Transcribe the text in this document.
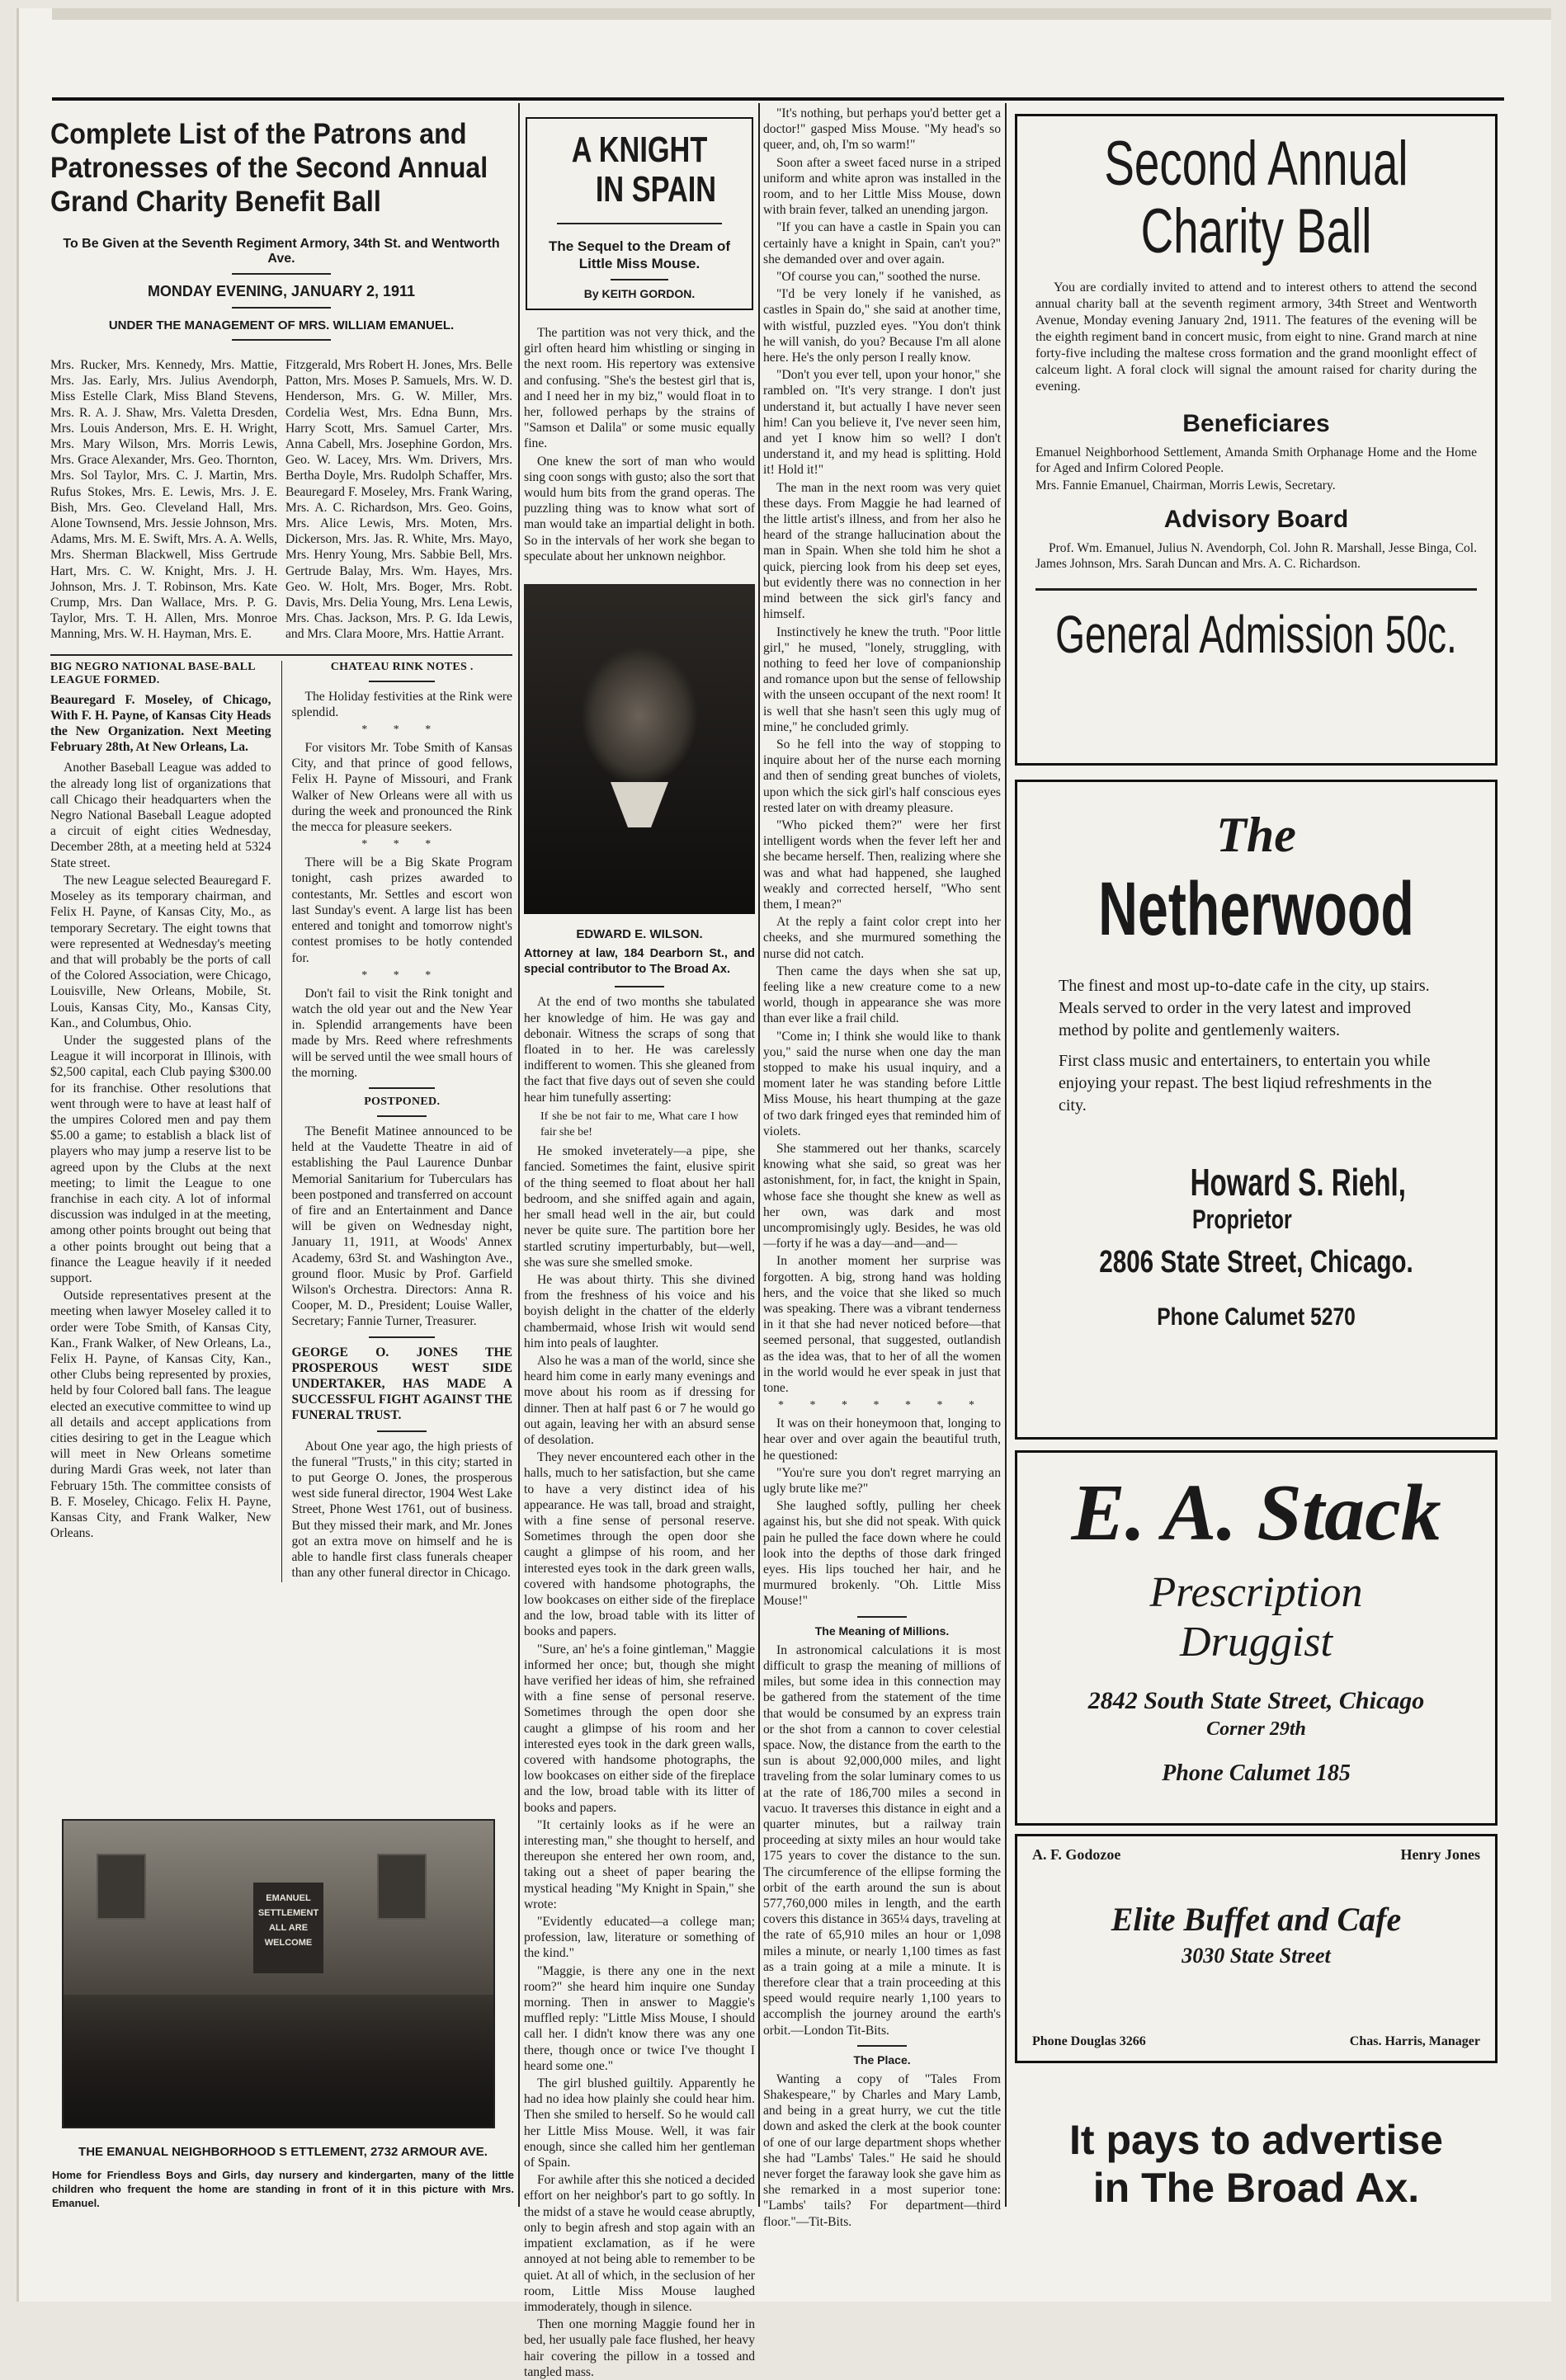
Complete List of the Patrons and Patronesses of the Second Annual Grand Charity Benefit Ball
To Be Given at the Seventh Regiment Armory, 34th St. and Wentworth Ave.
MONDAY EVENING, JANUARY 2, 1911
UNDER THE MANAGEMENT OF MRS. WILLIAM EMANUEL.

Mrs. Rucker, Mrs. Kennedy, Mrs. Mattie, Mrs. Jas. Early, Mrs. Julius Avendorph, Miss Estelle Clark, Miss Bland Stevens, Mrs. R. A. J. Shaw, Mrs. Valetta Dresden, Mrs. Louis Anderson, Mrs. E. H. Wright, Mrs. Mary Wilson, Mrs. Morris Lewis, Mrs. Grace Alexander, Mrs. Geo. Thornton, Mrs. Sol Taylor, Mrs. C. J. Martin, Mrs. Rufus Stokes, Mrs. E. Lewis, Mrs. J. E. Bish, Mrs. Geo. Cleveland Hall, Mrs. Alone Townsend, Mrs. Jessie Johnson, Mrs. Adams, Mrs. M. E. Swift, Mrs. A. A. Wells, Mrs. Sherman Blackwell, Miss Gertrude Hart, Mrs. C. W. Knight, Mrs. J. H. Johnson, Mrs. J. T. Robinson, Mrs. Kate Crump, Mrs. Dan Wallace, Mrs. P. G. Taylor, Mrs. T. H. Allen, Mrs. Monroe Manning, Mrs. W. H. Hayman, Mrs. E.

Fitzgerald, Mrs Robert H. Jones, Mrs. Belle Patton, Mrs. Moses P. Samuels, Mrs. W. D. Henderson, Mrs. G. W. Miller, Mrs. Cordelia West, Mrs. Edna Bunn, Mrs. Harry Scott, Mrs. Samuel Carter, Mrs. Anna Cabell, Mrs. Josephine Gordon, Mrs. Geo. W. Lacey, Mrs. Wm. Drivers, Mrs. Bertha Doyle, Mrs. Rudolph Schaffer, Mrs. Beauregard F. Moseley, Mrs. Frank Waring, Mrs. A. C. Richardson, Mrs. Geo. Goins, Mrs. Alice Lewis, Mrs. Moten, Mrs. Dickerson, Mrs. Jas. R. White, Mrs. Mayo, Mrs. Henry Young, Mrs. Sabbie Bell, Mrs. Gertrude Balay, Mrs. Wm. Hayes, Mrs. Geo. W. Holt, Mrs. Boger, Mrs. Robt. Davis, Mrs. Delia Young, Mrs. Lena Lewis, Mrs. Chas. Jackson, Mrs. P. G. Ida Lewis, and Mrs. Clara Moore, Mrs. Hattie Arrant.

BIG NEGRO NATIONAL BASE-BALL LEAGUE FORMED.

Beauregard F. Moseley, of Chicago, With F. H. Payne, of Kansas City Heads the New Organization. Next Meeting February 28th, At New Orleans, La.

Another Baseball League was added to the already long list of organizations that call Chicago their headquarters when the Negro National Baseball League adopted a circuit of eight cities Wednesday, December 28th, at a meeting held at 5324 State street.

The new League selected Beauregard F. Moseley as its temporary chairman, and Felix H. Payne, of Kansas City, Mo., as temporary Secretary. The eight towns that were represented at Wednesday's meeting and that will probably be the ports of call of the Colored Association, were Chicago, Louisville, New Orleans, Mobile, St. Louis, Kansas City, Mo., Kansas City, Kan., and Columbus, Ohio.

Under the suggested plans of the League it will incorporat in Illinois, with $2,500 capital, each Club paying $300.00 for its franchise. Other resolutions that went through were to have at least half of the umpires Colored men and pay them $5.00 a game; to establish a black list of players who may jump a reserve list to be agreed upon by the Clubs at the next meeting; to limit the League to one franchise in each city. A lot of informal discussion was indulged in at the meeting, among other points brought out being that a other points brought out being that a finance the League heavily if it needed support.

Outside representatives present at the meeting when lawyer Moseley called it to order were Tobe Smith, of Kansas City, Kan., Frank Walker, of New Orleans, La., Felix H. Payne, of Kansas City, Kan., other Clubs being represented by proxies, held by four Colored ball fans. The league elected an executive committee to wind up all details and accept applications from cities desiring to get in the League which will meet in New Orleans sometime during Mardi Gras week, not later than February 15th. The committee consists of B. F. Moseley, Chicago. Felix H. Payne, Kansas City, and Frank Walker, New Orleans.

CHATEAU RINK NOTES .

The Holiday festivities at the Rink were splendid.

* * *

For visitors Mr. Tobe Smith of Kansas City, and that prince of good fellows, Felix H. Payne of Missouri, and Frank Walker of New Orleans were all with us during the week and pronounced the Rink the mecca for pleasure seekers.

* * *

There will be a Big Skate Program tonight, cash prizes awarded to contestants, Mr. Settles and escort won last Sunday's event. A large list has been entered and tonight and tomorrow night's contest promises to be hotly contended for.

* * *

Don't fail to visit the Rink tonight and watch the old year out and the New Year in. Splendid arrangements have been made by Mrs. Reed where refreshments will be served until the wee small hours of the morning.

POSTPONED.

The Benefit Matinee announced to be held at the Vaudette Theatre in aid of establishing the Paul Laurence Dunbar Memorial Sanitarium for Tuberculars has been postponed and transferred on account of fire and an Entertainment and Dance will be given on Wednesday night, January 11, 1911, at Woods' Annex Academy, 63rd St. and Washington Ave., ground floor. Music by Prof. Garfield Wilson's Orchestra. Directors: Anna R. Cooper, M. D., President; Louise Waller, Secretary; Fannie Turner, Treasurer.

GEORGE O. JONES THE PROSPEROUS WEST SIDE UNDERTAKER, HAS MADE A SUCCESSFUL FIGHT AGAINST THE FUNERAL TRUST.

About One year ago, the high priests of the funeral "Trusts," in this city; started in to put George O. Jones, the prosperous west side funeral director, 1904 West Lake Street, Phone West 1761, out of business. But they missed their mark, and Mr. Jones got an extra move on himself and he is able to handle first class funerals cheaper than any other funeral director in Chicago.

EMANUEL SETTLEMENT ALL ARE WELCOME
THE EMANUAL NEIGHBORHOOD S ETTLEMENT, 2732 ARMOUR AVE.

Home for Friendless Boys and Girls, day nursery and kindergarten, many of the little children who frequent the home are standing in front of it in this picture with Mrs. Emanuel.

A KNIGHT
IN SPAIN
The Sequel to the Dream of Little Miss Mouse.
By KEITH GORDON.

The partition was not very thick, and the girl often heard him whistling or singing in the next room. His repertory was extensive and confusing. "She's the bestest girl that is, and I need her in my biz," would float in to her, followed perhaps by the strains of "Samson et Dalila" or some music equally fine.

One knew the sort of man who would sing coon songs with gusto; also the sort that would hum bits from the grand operas. The puzzling thing was to know what sort of man would take an impartial delight in both. So in the intervals of her work she began to speculate about her unknown neighbor.

EDWARD E. WILSON.

Attorney at law, 184 Dearborn St., and special contributor to The Broad Ax.

At the end of two months she tabulated her knowledge of him. He was gay and debonair. Witness the scraps of song that floated in to her. He was carelessly indifferent to women. This she gleaned from the fact that five days out of seven she could hear him tunefully asserting:

If she be not fair to me, What care I how fair she be!

He smoked inveterately—a pipe, she fancied. Sometimes the faint, elusive spirit of the thing seemed to float about her hall bedroom, and she sniffed again and again, her small head well in the air, but could never be quite sure. The partition bore her startled scrutiny imperturbably, but—well, she was sure she smelled smoke.

He was about thirty. This she divined from the freshness of his voice and his boyish delight in the chatter of the elderly chambermaid, whose Irish wit would send him into peals of laughter.

Also he was a man of the world, since she heard him come in early many evenings and move about his room as if dressing for dinner. Then at half past 6 or 7 he would go out again, leaving her with an absurd sense of desolation.

They never encountered each other in the halls, much to her satisfaction, but she came to have a very distinct idea of his appearance. He was tall, broad and straight, with a fine sense of personal reserve. Sometimes through the open door she caught a glimpse of his room, and her interested eyes took in the dark green walls, covered with handsome photographs, the low bookcases on either side of the fireplace and the low, broad table with its litter of books and papers.

"Sure, an' he's a foine gintleman," Maggie informed her once; but, though she might have verified her ideas of him, she refrained with a fine sense of personal reserve. Sometimes through the open door she caught a glimpse of his room and her interested eyes took in the dark green walls, covered with handsome photographs, the low bookcases on either side of the fireplace and the low, broad table with its litter of books and papers.

"It certainly looks as if he were an interesting man," she thought to herself, and thereupon she entered her own room, and, taking out a sheet of paper bearing the mystical heading "My Knight in Spain," she wrote:

"Evidently educated—a college man; profession, law, literature or something of the kind."

"Maggie, is there any one in the next room?" she heard him inquire one Sunday morning. Then in answer to Maggie's muffled reply: "Little Miss Mouse, I should call her. I didn't know there was any one there, though once or twice I've thought I heard some one."

The girl blushed guiltily. Apparently he had no idea how plainly she could hear him. Then she smiled to herself. So he would call her Little Miss Mouse. Well, it was fair enough, since she called him her gentleman of Spain.

For awhile after this she noticed a decided effort on her neighbor's part to go softly. In the midst of a stave he would cease abruptly, only to begin afresh and stop again with an impatient exclamation, as if he were annoyed at not being able to remember to be quiet. At all of which, in the seclusion of her room, Little Miss Mouse laughed immoderately, though in silence.

Then one morning Maggie found her in bed, her usually pale face flushed, her heavy hair covering the pillow in a tossed and tangled mass.

"It's nothing, but perhaps you'd better get a doctor!" gasped Miss Mouse. "My head's so queer, and, oh, I'm so warm!"

Soon after a sweet faced nurse in a striped uniform and white apron was installed in the room, and to her Little Miss Mouse, down with brain fever, talked an unending jargon.

"If you can have a castle in Spain you can certainly have a knight in Spain, can't you?" she demanded over and over again.

"Of course you can," soothed the nurse.

"I'd be very lonely if he vanished, as castles in Spain do," she said at another time, with wistful, puzzled eyes. "You don't think he will vanish, do you? Because I'm all alone here. He's the only person I really know.

"Don't you ever tell, upon your honor," she rambled on. "It's very strange. I don't just understand it, but actually I have never seen him! Can you believe it, I've never seen him, and yet I know him so well? I don't understand it, and my head is splitting. Hold it! Hold it!"

The man in the next room was very quiet these days. From Maggie he had learned of the little artist's illness, and from her also he heard of the strange hallucination about the man in Spain. When she told him he shot a quick, piercing look from his deep set eyes, but evidently there was no connection in her mind between the sick girl's fancy and himself.

Instinctively he knew the truth. "Poor little girl," he mused, "lonely, struggling, with nothing to feed her love of companionship and romance upon but the sense of fellowship with the unseen occupant of the next room! It is well that she hasn't seen this ugly mug of mine," he concluded grimly.

So he fell into the way of stopping to inquire about her of the nurse each morning and then of sending great bunches of violets, upon which the sick girl's half conscious eyes rested later on with dreamy pleasure.

"Who picked them?" were her first intelligent words when the fever left her and she became herself. Then, realizing where she was and what had happened, she laughed weakly and corrected herself, "Who sent them, I mean?"

At the reply a faint color crept into her cheeks, and she murmured something the nurse did not catch.

Then came the days when she sat up, feeling like a new creature come to a new world, though in appearance she was more than ever like a frail child.

"Come in; I think she would like to thank you," said the nurse when one day the man stopped to make his usual inquiry, and a moment later he was standing before Little Miss Mouse, his heart thumping at the gaze of two dark fringed eyes that reminded him of violets.

She stammered out her thanks, scarcely knowing what she said, so great was her astonishment, for, in fact, the knight in Spain, whose face she thought she knew as well as her own, was dark and most uncompromisingly ugly. Besides, he was old—forty if he was a day—and—and—

In another moment her surprise was forgotten. A big, strong hand was holding hers, and the voice that she liked so much was speaking. There was a vibrant tenderness in it that she had never noticed before—that seemed personal, that suggested, outlandish as the idea was, that to her of all the women in the world would he ever speak in just that tone.

* * * * * * *

It was on their honeymoon that, longing to hear over and over again the beautiful truth, he questioned:

"You're sure you don't regret marrying an ugly brute like me?"

She laughed softly, pulling her cheek against his, but she did not speak. With quick pain he pulled the face down where he could look into the depths of those dark fringed eyes. His lips touched her hair, and he murmured brokenly. "Oh. Little Miss Mouse!"

The Meaning of Millions.

In astronomical calculations it is most difficult to grasp the meaning of millions of miles, but some idea in this connection may be gathered from the statement of the time that would be consumed by an express train or the shot from a cannon to cover celestial space. Now, the distance from the earth to the sun is about 92,000,000 miles, and light traveling from the solar luminary comes to us at the rate of 186,700 miles a second in vacuo. It traverses this distance in eight and a quarter minutes, but a railway train proceeding at sixty miles an hour would take 175 years to cover the distance to the sun. The circumference of the ellipse forming the orbit of the earth around the sun is about 577,760,000 miles in length, and the earth covers this distance in 365¼ days, traveling at the rate of 65,910 miles an hour or 1,098 miles a minute, or nearly 1,100 times as fast as a train going at a mile a minute. It is therefore clear that a train proceeding at this speed would require nearly 1,100 years to accomplish the journey around the earth's orbit.—London Tit-Bits.

The Place.

Wanting a copy of "Tales From Shakespeare," by Charles and Mary Lamb, and being in a great hurry, we cut the title down and asked the clerk at the book counter of one of our large department shops whether she had "Lambs' Tales." He said he should never forget the faraway look she gave him as she remarked in a most superior tone: "Lambs' tails? For department—third floor."—Tit-Bits.

Second Annual
Charity Ball

You are cordially invited to attend and to interest others to attend the second annual charity ball at the seventh regiment armory, 34th Street and Wentworth Avenue, Monday evening January 2nd, 1911. The features of the evening will be the eighth regiment band in concert music, from eight to nine. Grand march at nine forty-five including the maltese cross formation and the grand moonlight effect of calceum light. A foral clock will signal the amount raised for charity during the evening.

Beneficiares

Emanuel Neighborhood Settlement, Amanda Smith Orphanage Home and the Home for Aged and Infirm Colored People.

Mrs. Fannie Emanuel, Chairman, Morris Lewis, Secretary.

Advisory Board

Prof. Wm. Emanuel, Julius N. Avendorph, Col. John R. Marshall, Jesse Binga, Col. James Johnson, Mrs. Sarah Duncan and Mrs. A. C. Richardson.

General Admission 50c.
The
Netherwood

The finest and most up-to-date cafe in the city, up stairs. Meals served to order in the very latest and improved method by polite and gentlemenly waiters.

First class music and entertainers, to entertain you while enjoying your repast. The best liqiud refreshments in the city.

Howard S. Riehl, Proprietor
2806 State Street, Chicago.
Phone Calumet 5270
E. A. Stack
Prescription
Druggist
2842 South State Street, Chicago
Corner 29th
Phone Calumet 185
A. F. Godozoe	Henry Jones
Elite Buffet and Cafe
3030 State Street
Phone Douglas 3266	Chas. Harris, Manager
It pays to advertise
in The Broad Ax.
